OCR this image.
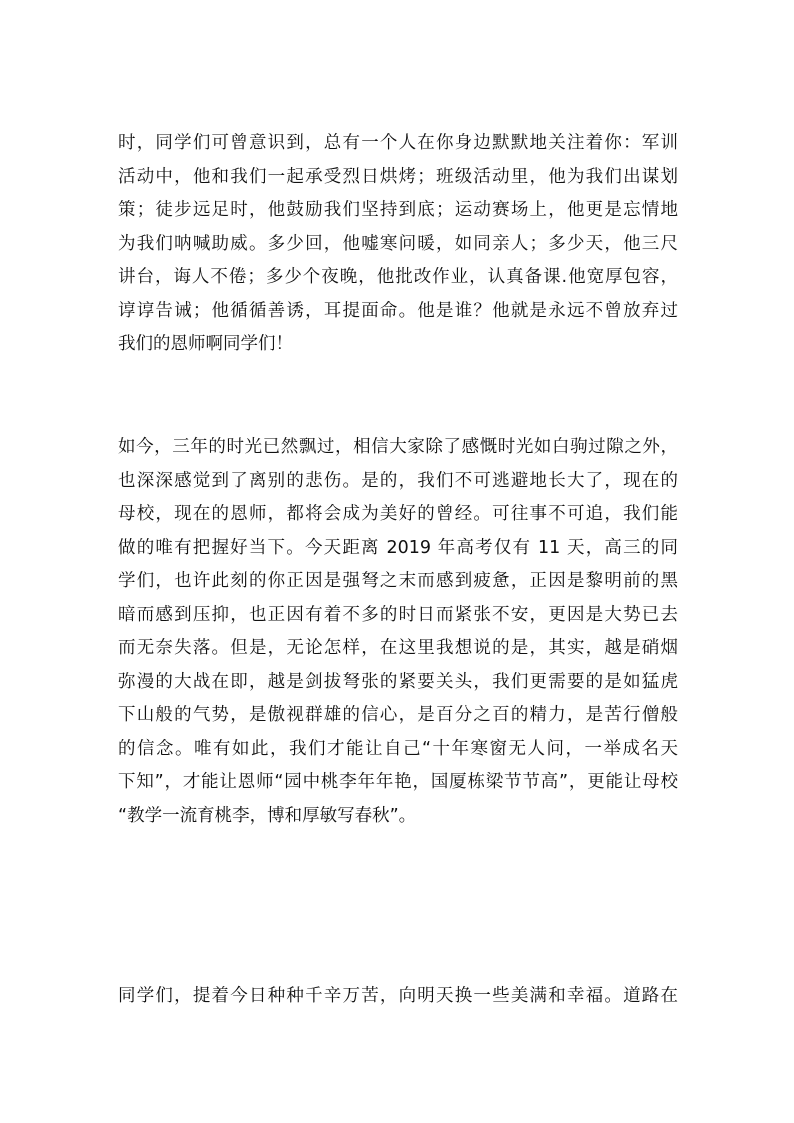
时，同学们可曾意识到，总有一个人在你身边默默地关注着你：军训
活动中，他和我们一起承受烈日烘烤；班级活动里，他为我们出谋划
策；徒步远足时，他鼓励我们坚持到底；运动赛场上，他更是忘情地
为我们呐喊助威。多少回，他嘘寒问暖，如同亲人；多少天，他三尺
讲台，诲人不倦；多少个夜晚，他批改作业，认真备课.他宽厚包容，
谆谆告诫；他循循善诱，耳提面命。他是谁？他就是永远不曾放弃过
我们的恩师啊同学们！

如今，三年的时光已然飘过，相信大家除了感慨时光如白驹过隙之外，
也深深感觉到了离别的悲伤。是的，我们不可逃避地长大了，现在的
母校，现在的恩师，都将会成为美好的曾经。可往事不可追，我们能
做的唯有把握好当下。今天距离 2019 年高考仅有 11 天，高三的同
学们，也许此刻的你正因是强弩之末而感到疲惫，正因是黎明前的黑
暗而感到压抑，也正因有着不多的时日而紧张不安，更因是大势已去
而无奈失落。但是，无论怎样，在这里我想说的是，其实，越是硝烟
弥漫的大战在即，越是剑拔弩张的紧要关头，我们更需要的是如猛虎
下山般的气势，是傲视群雄的信心，是百分之百的精力，是苦行僧般
的信念。唯有如此，我们才能让自己“十年寒窗无人问，一举成名天
下知”，才能让恩师“园中桃李年年艳，国厦栋梁节节高”，更能让母校
“教学一流育桃李，博和厚敏写春秋”。

同学们，提着今日种种千辛万苦，向明天换一些美满和幸福。道路在
